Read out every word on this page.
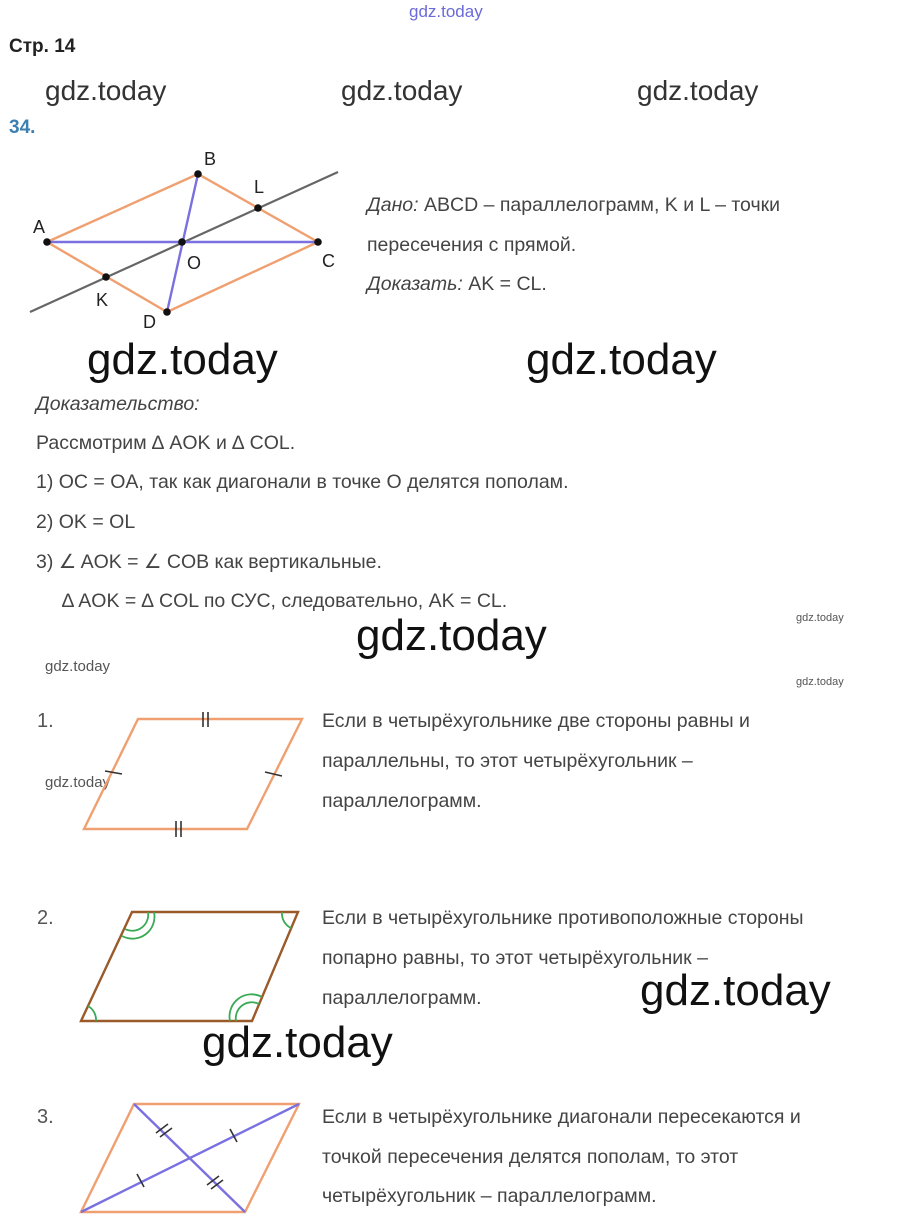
gdz.today
gdz.today	gdz.today	gdz.today
gdz.today	gdz.today
gdz.today	gdz.today
gdz.today
gdz.today
gdz.today
gdz.today
gdz.today
Стр. 14
34.
A
B
C
D
O
K
L
Дано: ABCD – параллелограмм, K и L – точки
пересечения с прямой.
Доказать: AK = CL.
Доказательство:
Рассмотрим ∆ AOK и ∆ COL.
1) OC = OA, так как диагонали в точке O делятся пополам.
2) OK = OL
3) ∠ AOK = ∠ COB как вертикальные.
∆ AOK = ∆ COL по СУС, следовательно, AK = CL.
1.	Если в четырёхугольнике две стороны равны и
параллельны, то этот четырёхугольник –
параллелограмм.
2.	Если в четырёхугольнике противоположные стороны
попарно равны, то этот четырёхугольник –
параллелограмм.
3.	Если в четырёхугольнике диагонали пересекаются и
точкой пересечения делятся пополам, то этот
четырёхугольник – параллелограмм.
